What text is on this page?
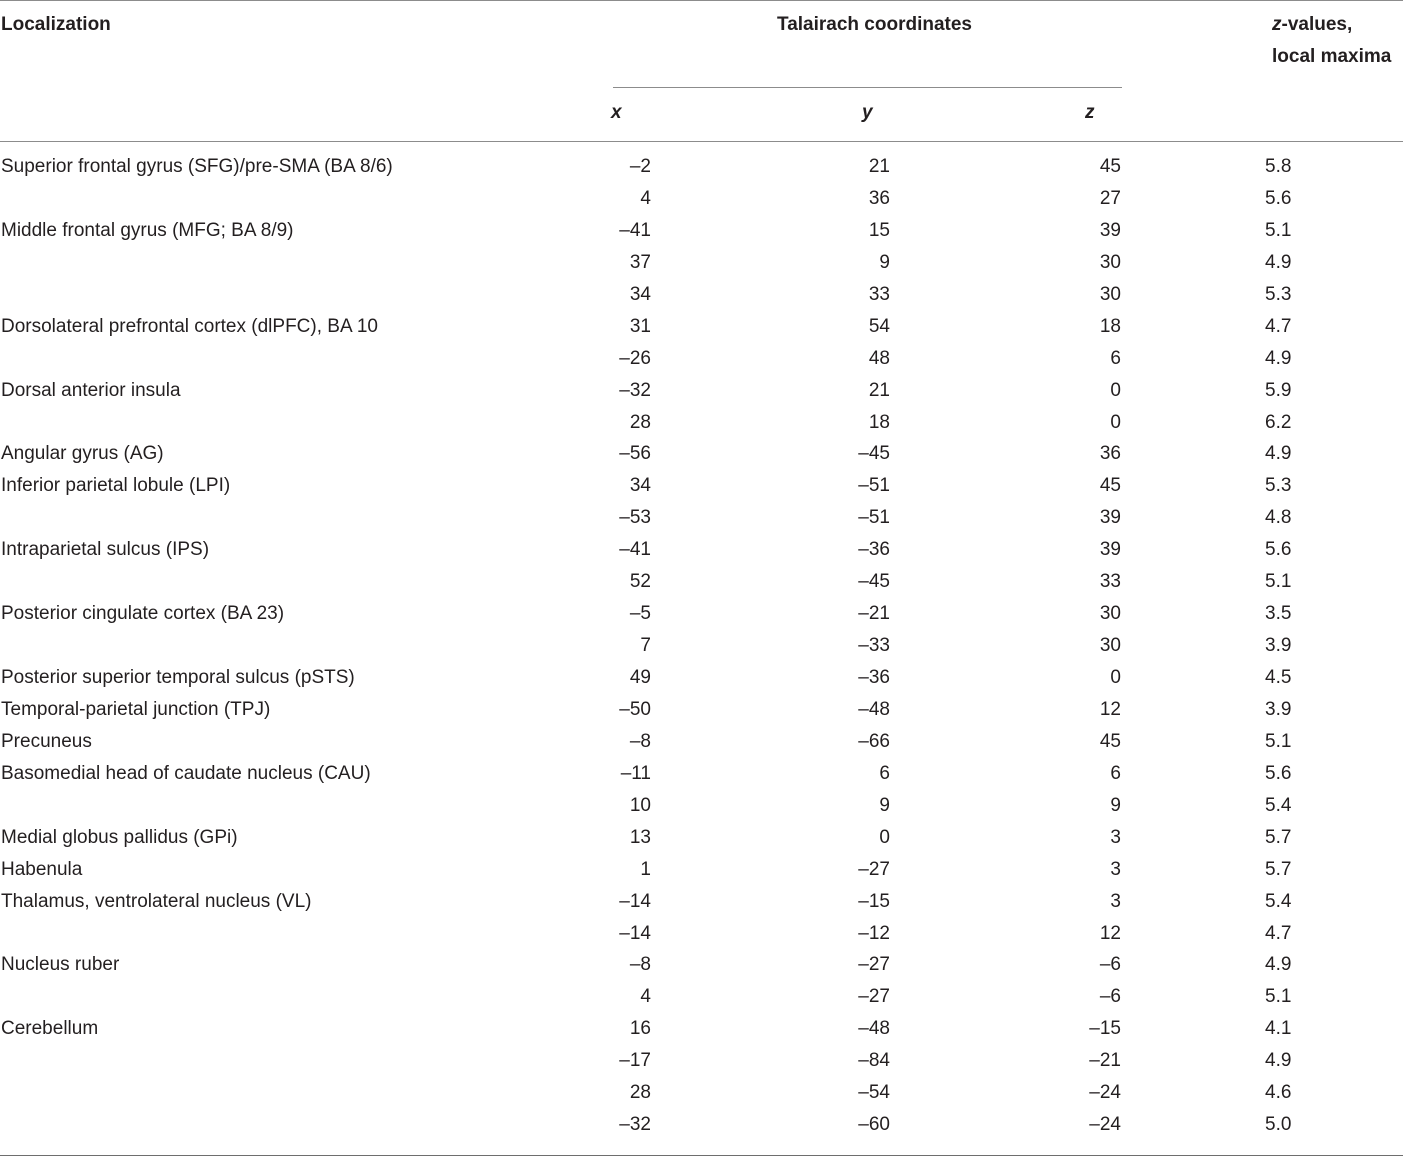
Localization	Talairach coordinates	z-values,
local maxima
x	y	z
Superior frontal gyrus (SFG)/pre-SMA (BA 8/6)	–2	21	45	5.8
4	36	27	5.6
Middle frontal gyrus (MFG; BA 8/9)	–41	15	39	5.1
37	9	30	4.9
34	33	30	5.3
Dorsolateral prefrontal cortex (dlPFC), BA 10	31	54	18	4.7
–26	48	6	4.9
Dorsal anterior insula	–32	21	0	5.9
28	18	0	6.2
Angular gyrus (AG)	–56	–45	36	4.9
Inferior parietal lobule (LPI)	34	–51	45	5.3
–53	–51	39	4.8
Intraparietal sulcus (IPS)	–41	–36	39	5.6
52	–45	33	5.1
Posterior cingulate cortex (BA 23)	–5	–21	30	3.5
7	–33	30	3.9
Posterior superior temporal sulcus (pSTS)	49	–36	0	4.5
Temporal-parietal junction (TPJ)	–50	–48	12	3.9
Precuneus	–8	–66	45	5.1
Basomedial head of caudate nucleus (CAU)	–11	6	6	5.6
10	9	9	5.4
Medial globus pallidus (GPi)	13	0	3	5.7
Habenula	1	–27	3	5.7
Thalamus, ventrolateral nucleus (VL)	–14	–15	3	5.4
–14	–12	12	4.7
Nucleus ruber	–8	–27	–6	4.9
4	–27	–6	5.1
Cerebellum	16	–48	–15	4.1
–17	–84	–21	4.9
28	–54	–24	4.6
–32	–60	–24	5.0
